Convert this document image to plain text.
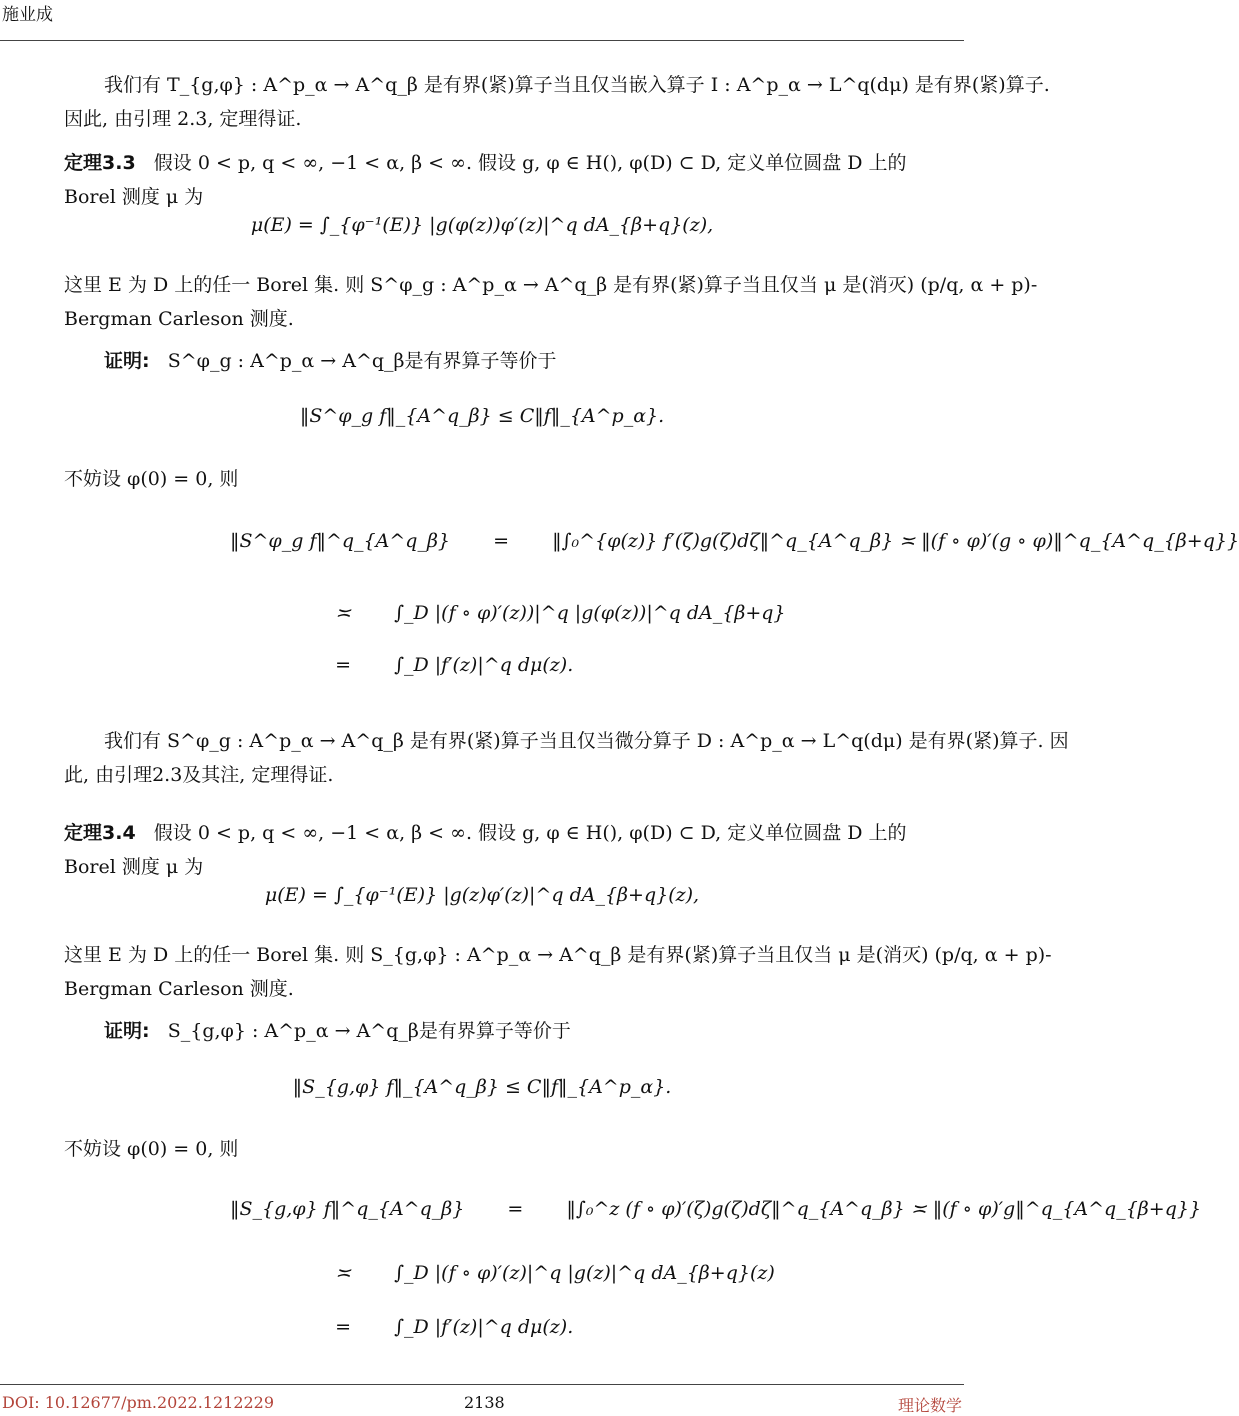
施业成
我们有 T_{g,φ} : A^p_α → A^q_β 是有界(紧)算子当且仅当嵌入算子 I : A^p_α → L^q(dμ) 是有界(紧)算子.
因此, 由引理 2.3, 定理得证.
定理3.3 假设 0 < p, q < ∞, −1 < α, β < ∞. 假设 g, φ ∈ H(), φ(D) ⊂ D, 定义单位圆盘 D 上的
Borel 测度 μ 为
μ(E) = ∫_{φ⁻¹(E)} |g(φ(z))φ′(z)|^q dA_{β+q}(z),
这里 E 为 D 上的任一 Borel 集. 则 S^φ_g : A^p_α → A^q_β 是有界(紧)算子当且仅当 μ 是(消灭) (p/q, α + p)-
Bergman Carleson 测度.
证明: S^φ_g : A^p_α → A^q_β是有界算子等价于
‖S^φ_g f‖_{A^q_β} ≤ C‖f‖_{A^p_α}.
不妨设 φ(0) = 0, 则
‖S^φ_g f‖^q_{A^q_β} = ‖∫₀^{φ(z)} f′(ζ)g(ζ)dζ‖^q_{A^q_β} ≍ ‖(f ∘ φ)′(g ∘ φ)‖^q_{A^q_{β+q}}
≍ ∫_D |(f ∘ φ)′(z))|^q |g(φ(z))|^q dA_{β+q}
= ∫_D |f′(z)|^q dμ(z).
我们有 S^φ_g : A^p_α → A^q_β 是有界(紧)算子当且仅当微分算子 D : A^p_α → L^q(dμ) 是有界(紧)算子. 因
此, 由引理2.3及其注, 定理得证.
定理3.4 假设 0 < p, q < ∞, −1 < α, β < ∞. 假设 g, φ ∈ H(), φ(D) ⊂ D, 定义单位圆盘 D 上的
Borel 测度 μ 为
μ(E) = ∫_{φ⁻¹(E)} |g(z)φ′(z)|^q dA_{β+q}(z),
这里 E 为 D 上的任一 Borel 集. 则 S_{g,φ} : A^p_α → A^q_β 是有界(紧)算子当且仅当 μ 是(消灭) (p/q, α + p)-
Bergman Carleson 测度.
证明: S_{g,φ} : A^p_α → A^q_β是有界算子等价于
‖S_{g,φ} f‖_{A^q_β} ≤ C‖f‖_{A^p_α}.
不妨设 φ(0) = 0, 则
‖S_{g,φ} f‖^q_{A^q_β} = ‖∫₀^z (f ∘ φ)′(ζ)g(ζ)dζ‖^q_{A^q_β} ≍ ‖(f ∘ φ)′g‖^q_{A^q_{β+q}}
≍ ∫_D |(f ∘ φ)′(z)|^q |g(z)|^q dA_{β+q}(z)
= ∫_D |f′(z)|^q dμ(z).
DOI: 10.12677/pm.2022.1212229	2138	理论数学
